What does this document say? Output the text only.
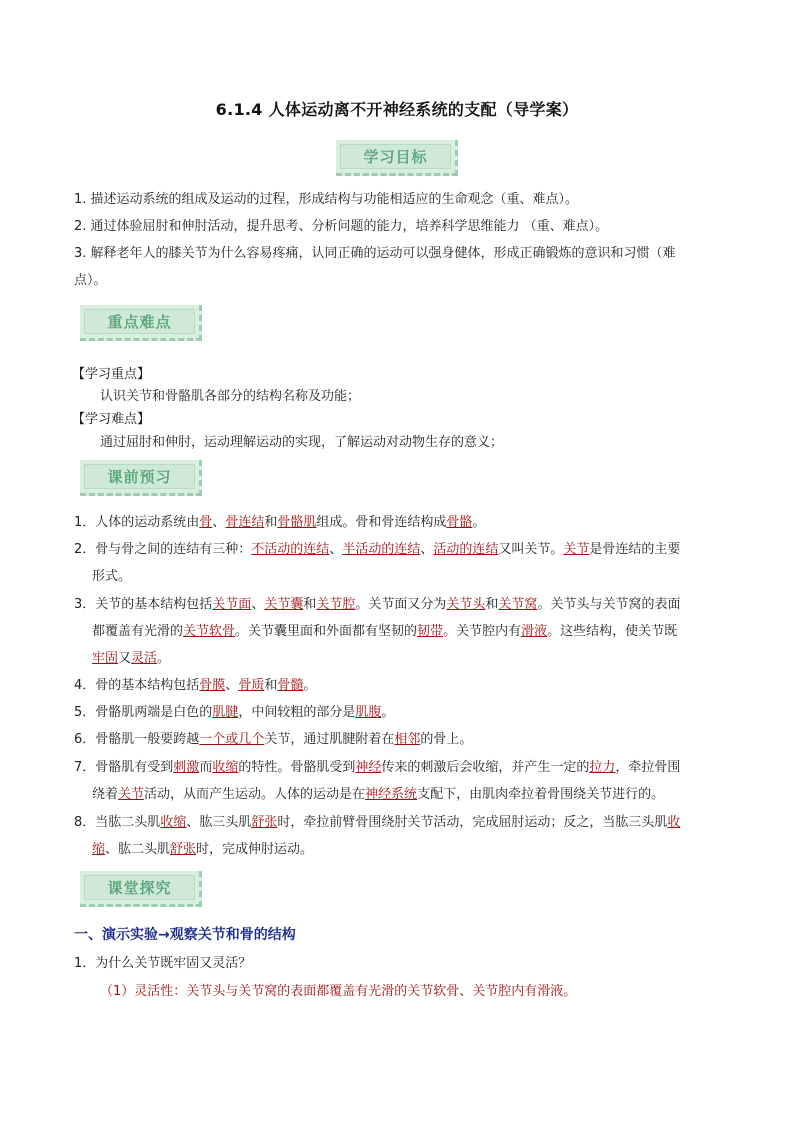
6.1.4 人体运动离不开神经系统的支配（导学案）
学习目标
1. 描述运动系统的组成及运动的过程，形成结构与功能相适应的生命观念（重、难点）。
2. 通过体验屈肘和伸肘活动，提升思考、分析问题的能力，培养科学思维能力 （重、难点）。
3. 解释老年人的膝关节为什么容易疼痛，认同正确的运动可以强身健体，形成正确锻炼的意识和习惯（难
点）。
重点难点
【学习重点】
认识关节和骨骼肌各部分的结构名称及功能；
【学习难点】
通过屈肘和伸肘，运动理解运动的实现，了解运动对动物生存的意义；
课前预习
1．人体的运动系统由骨、骨连结和骨骼肌组成。骨和骨连结构成骨骼。
2．骨与骨之间的连结有三种：不活动的连结、半活动的连结、活动的连结又叫关节。关节是骨连结的主要
形式。
3．关节的基本结构包括关节面、关节囊和关节腔。关节面又分为关节头和关节窝。关节头与关节窝的表面
都覆盖有光滑的关节软骨。关节囊里面和外面都有坚韧的韧带。关节腔内有滑液。这些结构，使关节既
牢固又灵活。
4．骨的基本结构包括骨膜、骨质和骨髓。
5．骨骼肌两端是白色的肌腱，中间较粗的部分是肌腹。
6．骨骼肌一般要跨越一个或几个关节，通过肌腱附着在相邻的骨上。
7．骨骼肌有受到刺激而收缩的特性。骨骼肌受到神经传来的刺激后会收缩，并产生一定的拉力，牵拉骨围
绕着关节活动，从而产生运动。人体的运动是在神经系统支配下，由肌肉牵拉着骨围绕关节进行的。
8．当肱二头肌收缩、肱三头肌舒张时，牵拉前臂骨围绕肘关节活动，完成屈肘运动；反之，当肱三头肌收
缩、肱二头肌舒张时，完成伸肘运动。
课堂探究
一、演示实验→观察关节和骨的结构
1．为什么关节既牢固又灵活？
（1）灵活性：关节头与关节窝的表面都覆盖有光滑的关节软骨、关节腔内有滑液。
